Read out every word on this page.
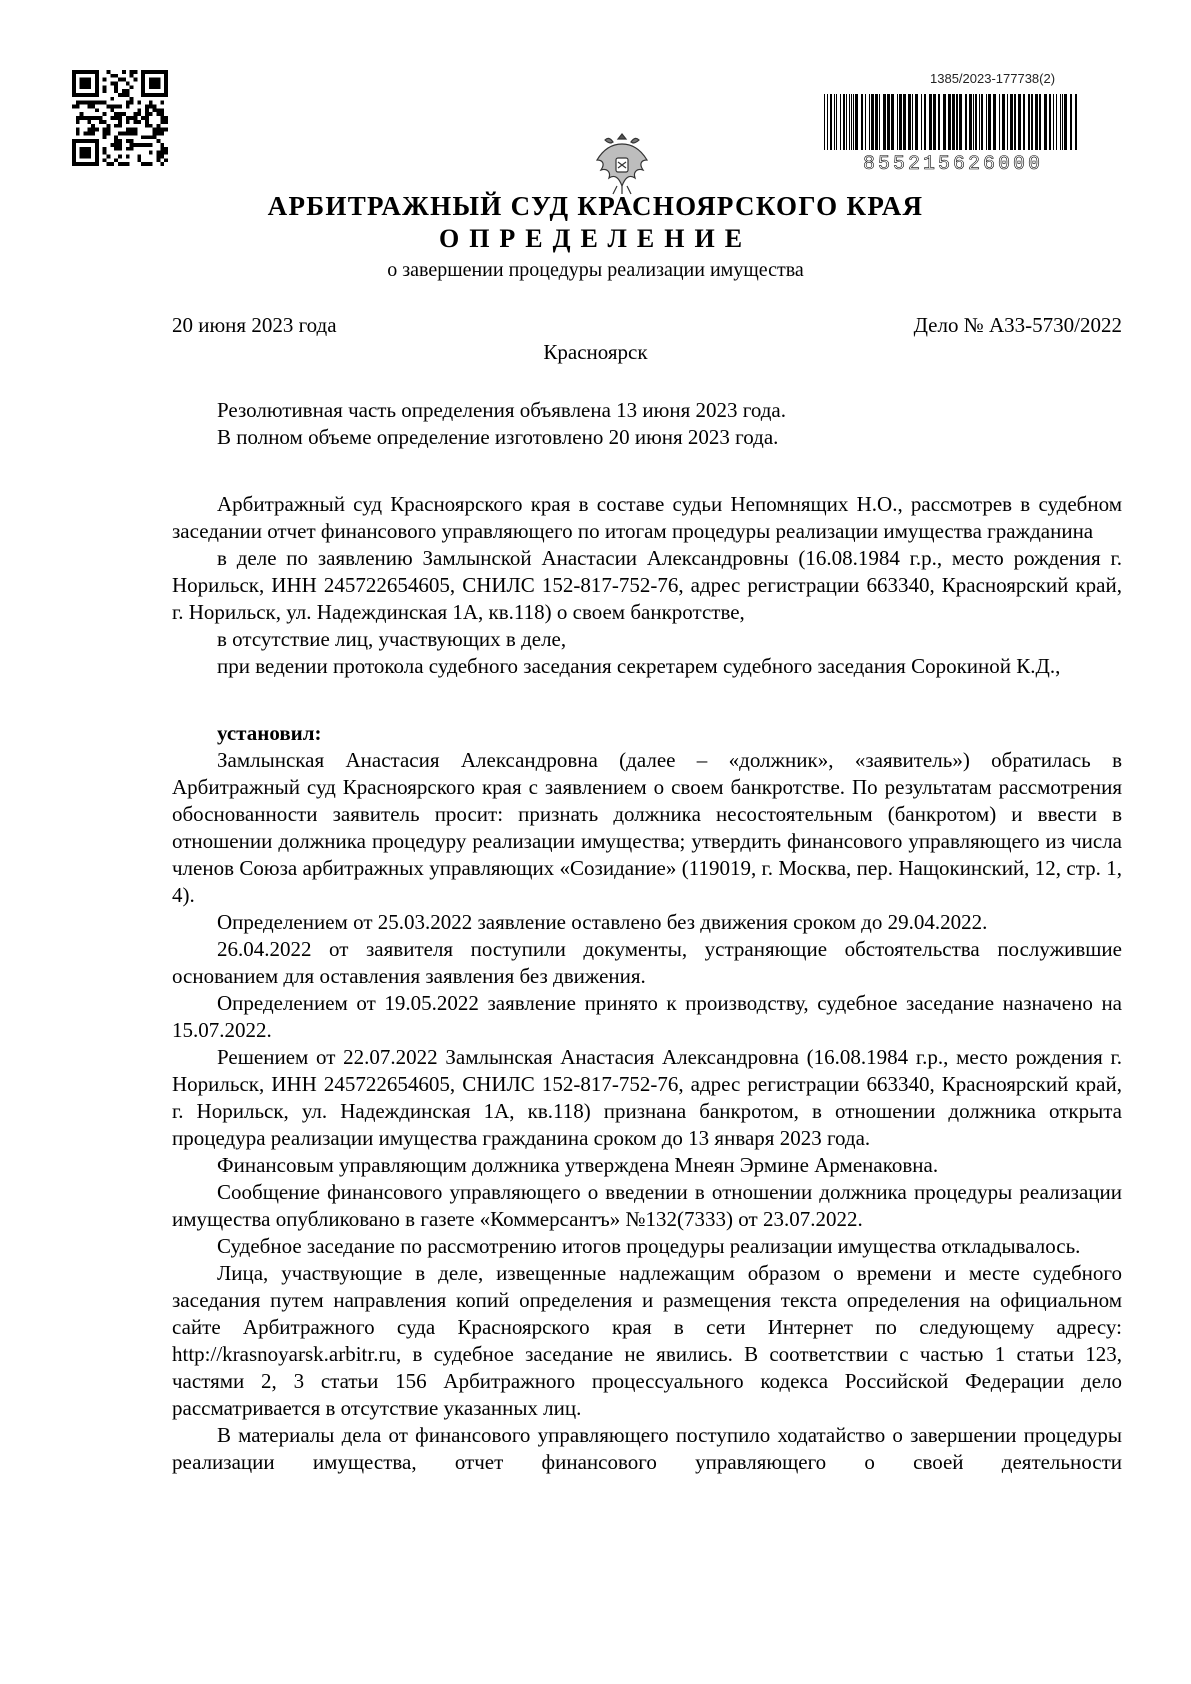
1385/2023-177738(2)
855215626000
АРБИТРАЖНЫЙ СУД КРАСНОЯРСКОГО КРАЯ
ОПРЕДЕЛЕНИЕ
о завершении процедуры реализации имущества
20 июня 2023 года	Дело № А33-5730/2022
Красноярск

Резолютивная часть определения объявлена 13 июня 2023 года.

В полном объеме определение изготовлено 20 июня 2023 года.

Арбитражный суд Красноярского края в составе судьи Непомнящих Н.О., рассмотрев в судебном заседании отчет финансового управляющего по итогам процедуры реализации имущества гражданина

в деле по заявлению Замлынской Анастасии Александровны (16.08.1984 г.р., место рождения г. Норильск, ИНН 245722654605, СНИЛС 152-817-752-76, адрес регистрации 663340, Красноярский край, г. Норильск, ул. Надеждинская 1А, кв.118) о своем банкротстве,

в отсутствие лиц, участвующих в деле,

при ведении протокола судебного заседания секретарем судебного заседания Сорокиной К.Д.,

установил:

Замлынская Анастасия Александровна (далее – «должник», «заявитель») обратилась в Арбитражный суд Красноярского края с заявлением о своем банкротстве. По результатам рассмотрения обоснованности заявитель просит: признать должника несостоятельным (банкротом) и ввести в отношении должника процедуру реализации имущества; утвердить финансового управляющего из числа членов Союза арбитражных управляющих «Созидание» (119019, г. Москва, пер. Нащокинский, 12, стр. 1, 4).

Определением от 25.03.2022 заявление оставлено без движения сроком до 29.04.2022.

26.04.2022 от заявителя поступили документы, устраняющие обстоятельства послужившие основанием для оставления заявления без движения.

Определением от 19.05.2022 заявление принято к производству, судебное заседание назначено на 15.07.2022.

Решением от 22.07.2022 Замлынская Анастасия Александровна (16.08.1984 г.р., место рождения г. Норильск, ИНН 245722654605, СНИЛС 152-817-752-76, адрес регистрации 663340, Красноярский край, г. Норильск, ул. Надеждинская 1А, кв.118) признана банкротом, в отношении должника открыта процедура реализации имущества гражданина сроком до 13 января 2023 года.

Финансовым управляющим должника утверждена Мнеян Эрмине Арменаковна.

Сообщение финансового управляющего о введении в отношении должника процедуры реализации имущества опубликовано в газете «Коммерсантъ» №132(7333) от 23.07.2022.

Судебное заседание по рассмотрению итогов процедуры реализации имущества откладывалось.

Лица, участвующие в деле, извещенные надлежащим образом о времени и месте судебного заседания путем направления копий определения и размещения текста определения на официальном сайте Арбитражного суда Красноярского края в сети Интернет по следующему адресу: http://krasnoyarsk.arbitr.ru, в судебное заседание не явились. В соответствии с частью 1 статьи 123, частями 2, 3 статьи 156 Арбитражного процессуального кодекса Российской Федерации дело рассматривается в отсутствие указанных лиц.

В материалы дела от финансового управляющего поступило ходатайство о завершении процедуры реализации имущества, отчет финансового управляющего о своей деятельности
